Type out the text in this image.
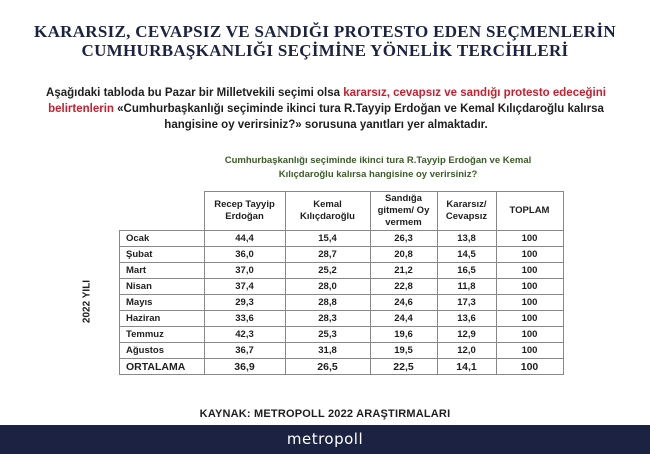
KARARSIZ, CEVAPSIZ VE SANDIĞI PROTESTO EDEN SEÇMENLERİN
CUMHURBAŞKANLIĞI SEÇİMİNE YÖNELİK TERCİHLERİ
Aşağıdaki tabloda bu Pazar bir Milletvekili seçimi olsa kararsız, cevapsız ve sandığı protesto edeceğini belirtenlerin «Cumhurbaşkanlığı seçiminde ikinci tura R.Tayyip Erdoğan ve Kemal Kılıçdaroğlu kalırsa hangisine oy verirsiniz?» sorusuna yanıtları yer almaktadır.
Cumhurbaşkanlığı seçiminde ikinci tura R.Tayyip Erdoğan ve Kemal Kılıçdaroğlu kalırsa hangisine oy verirsiniz?
2022 YILI
	Recep Tayyip Erdoğan	Kemal Kılıçdaroğlu	Sandığa gitmem/ Oy vermem	Kararsız/ Cevapsız	TOPLAM
Ocak	44,4	15,4	26,3	13,8	100
Şubat	36,0	28,7	20,8	14,5	100
Mart	37,0	25,2	21,2	16,5	100
Nisan	37,4	28,0	22,8	11,8	100
Mayıs	29,3	28,8	24,6	17,3	100
Haziran	33,6	28,3	24,4	13,6	100
Temmuz	42,3	25,3	19,6	12,9	100
Ağustos	36,7	31,8	19,5	12,0	100
ORTALAMA	36,9	26,5	22,5	14,1	100
KAYNAK: METROPOLL 2022 ARAŞTIRMALARI
metropoll
